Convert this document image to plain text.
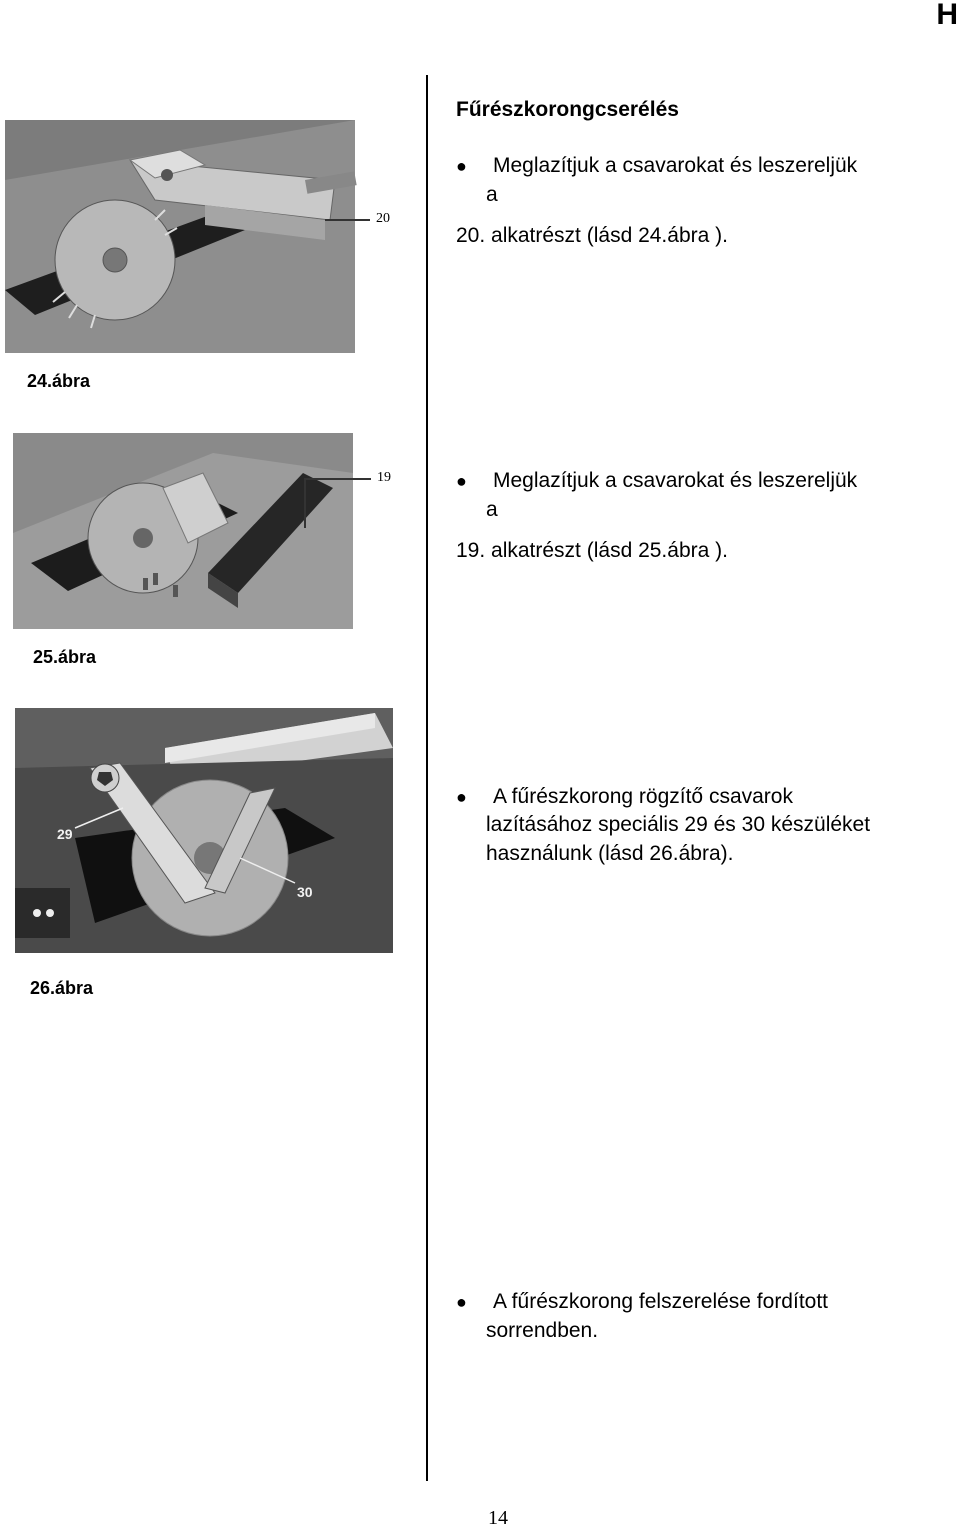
H
Fűrészkorongcserélés
20
24.ábra
● Meglazítjuk a csavarokat és leszereljük
a
20. alkatrészt (lásd 24.ábra ).
19
25.ábra
● Meglazítjuk a csavarokat és leszereljük
a
19. alkatrészt (lásd 25.ábra ).
29
30
26.ábra
● A fűrészkorong rögzítő csavarok
lazításához speciális 29 és 30 készüléket
használunk (lásd 26.ábra).
● A fűrészkorong felszerelése fordított
sorrendben.
14
